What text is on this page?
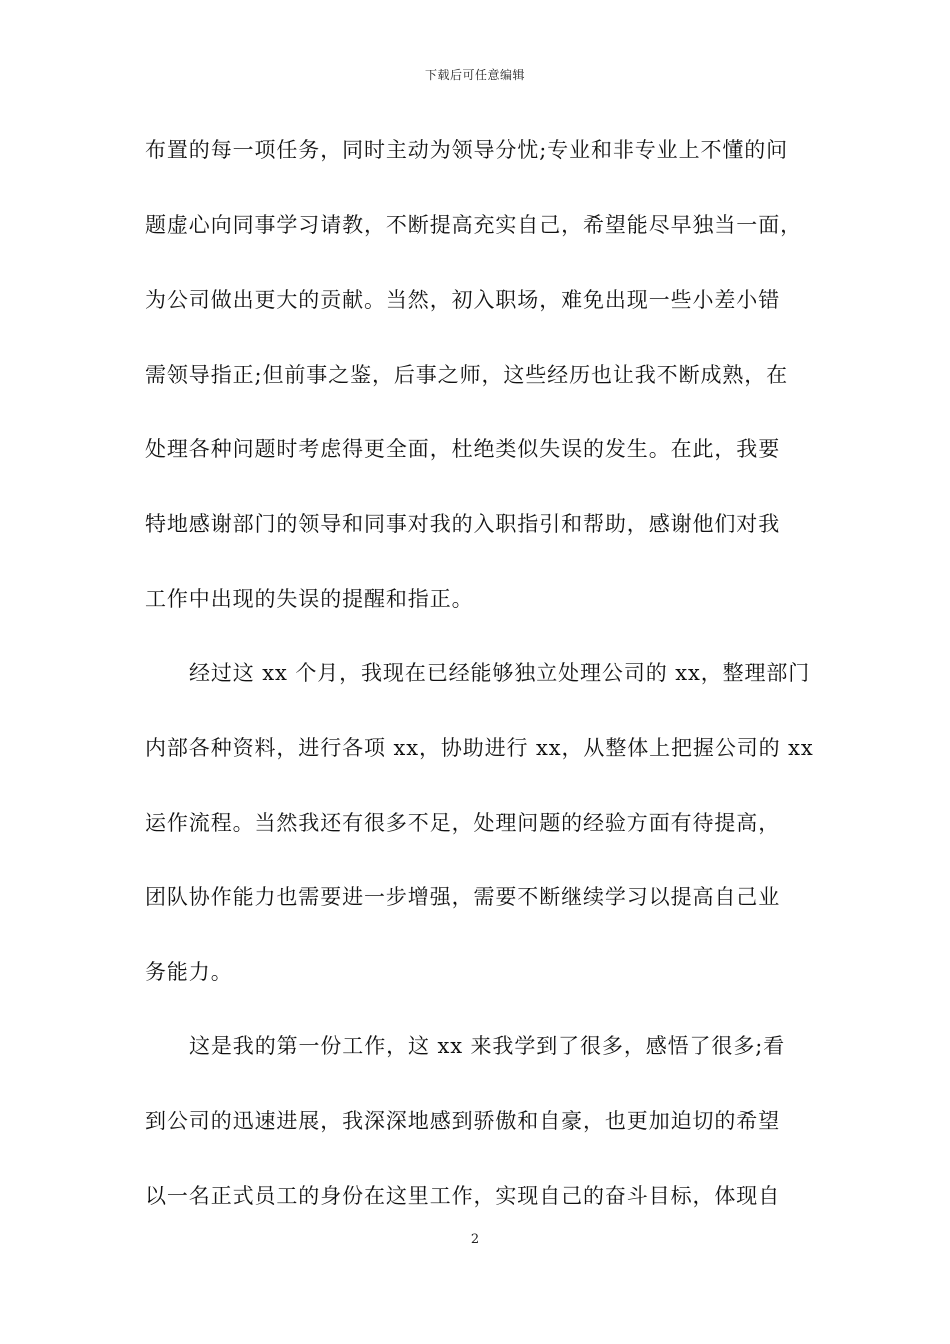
下载后可任意编辑
布置的每一项任务，同时主动为领导分忧;专业和非专业上不懂的问
题虚心向同事学习请教，不断提高充实自己，希望能尽早独当一面，
为公司做出更大的贡献。当然，初入职场，难免出现一些小差小错
需领导指正;但前事之鉴，后事之师，这些经历也让我不断成熟，在
处理各种问题时考虑得更全面，杜绝类似失误的发生。在此，我要
特地感谢部门的领导和同事对我的入职指引和帮助，感谢他们对我
工作中出现的失误的提醒和指正。
经过这 xx 个月，我现在已经能够独立处理公司的 xx，整理部门
内部各种资料，进行各项 xx，协助进行 xx，从整体上把握公司的 xx
运作流程。当然我还有很多不足，处理问题的经验方面有待提高，
团队协作能力也需要进一步增强，需要不断继续学习以提高自己业
务能力。
这是我的第一份工作，这 xx 来我学到了很多，感悟了很多;看
到公司的迅速进展，我深深地感到骄傲和自豪，也更加迫切的希望
以一名正式员工的身份在这里工作，实现自己的奋斗目标，体现自
2
